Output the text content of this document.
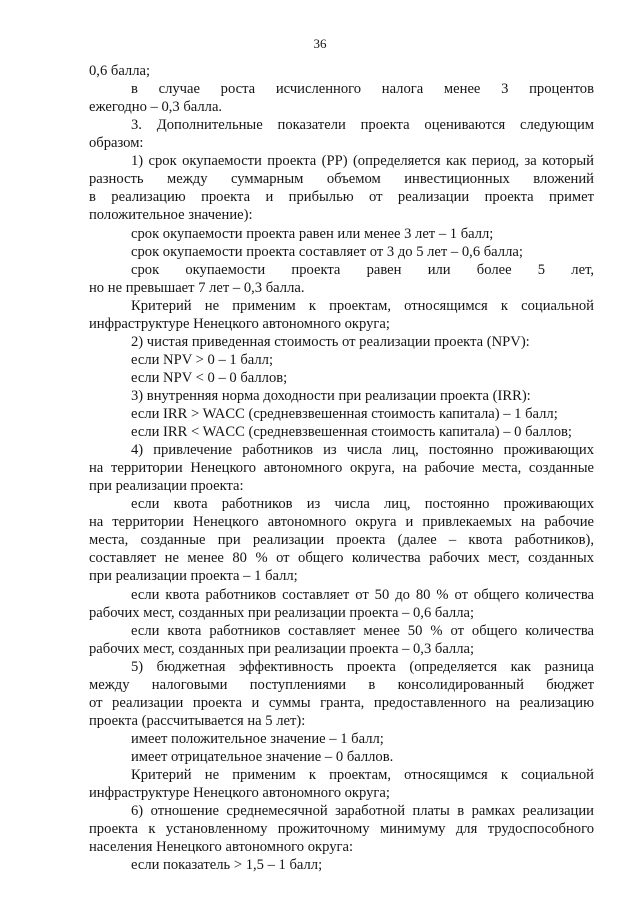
36
0,6 балла;
в случае роста исчисленного налога менее 3 процентов
ежегодно – 0,3 балла.
3. Дополнительные показатели проекта оцениваются следующим
образом:
1) срок окупаемости проекта (PP) (определяется как период, за который
разность между суммарным объемом инвестиционных вложений
в реализацию проекта и прибылью от реализации проекта примет
положительное значение):
срок окупаемости проекта равен или менее 3 лет – 1 балл;
срок окупаемости проекта составляет от 3 до 5 лет – 0,6 балла;
срок окупаемости проекта равен или более 5 лет,
но не превышает 7 лет – 0,3 балла.
Критерий не применим к проектам, относящимся к социальной
инфраструктуре Ненецкого автономного округа;
2) чистая приведенная стоимость от реализации проекта (NPV):
если NPV > 0 – 1 балл;
если NPV < 0 – 0 баллов;
3) внутренняя норма доходности при реализации проекта (IRR):
если IRR > WACC (средневзвешенная стоимость капитала) – 1 балл;
если IRR < WACC (средневзвешенная стоимость капитала) – 0 баллов;
4) привлечение работников из числа лиц, постоянно проживающих
на территории Ненецкого автономного округа, на рабочие места, созданные
при реализации проекта:
если квота работников из числа лиц, постоянно проживающих
на территории Ненецкого автономного округа и привлекаемых на рабочие
места, созданные при реализации проекта (далее – квота работников),
составляет не менее 80 % от общего количества рабочих мест, созданных
при реализации проекта – 1 балл;
если квота работников составляет от 50 до 80 % от общего количества
рабочих мест, созданных при реализации проекта – 0,6 балла;
если квота работников составляет менее 50 % от общего количества
рабочих мест, созданных при реализации проекта – 0,3 балла;
5) бюджетная эффективность проекта (определяется как разница
между налоговыми поступлениями в консолидированный бюджет
от реализации проекта и суммы гранта, предоставленного на реализацию
проекта (рассчитывается на 5 лет):
имеет положительное значение – 1 балл;
имеет отрицательное значение – 0 баллов.
Критерий не применим к проектам, относящимся к социальной
инфраструктуре Ненецкого автономного округа;
6) отношение среднемесячной заработной платы в рамках реализации
проекта к установленному прожиточному минимуму для трудоспособного
населения Ненецкого автономного округа:
если показатель > 1,5 – 1 балл;
